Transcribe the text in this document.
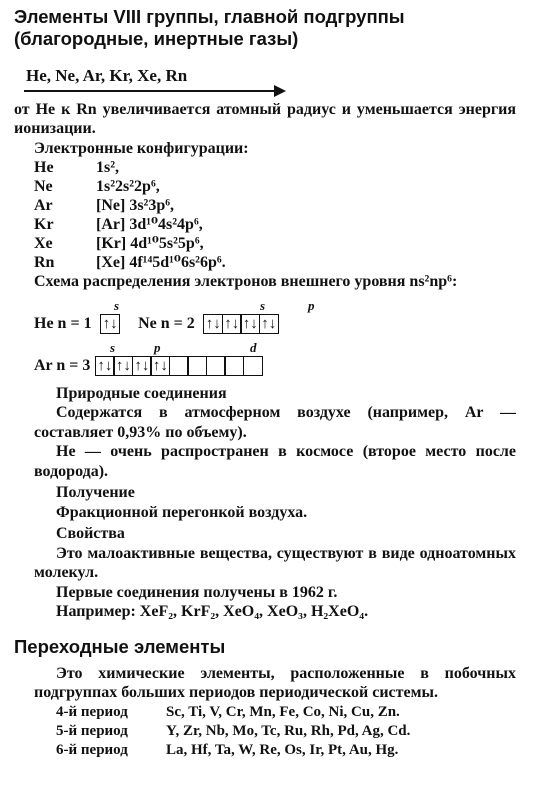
Элементы VIII группы, главной подгруппы (благородные, инертные газы)
He, Ne, Ar, Kr, Xe, Rn
от He к Rn увеличивается атомный радиус и уменьшается энергия ионизации.
Электронные конфигурации:
He	1s²,
Ne	1s²2s²2p⁶,
Ar	[Ne] 3s²3p⁶,
Kr	[Ar] 3d¹⁰4s²4p⁶,
Xe	[Kr] 4d¹⁰5s²5p⁶,
Rn	[Xe] 4f¹⁴5d¹⁰6s²6p⁶.
Схема распределения электронов внешнего уровня ns²np⁶:
s	s	p
He n = 1 ↑↓ Ne n = 2 ↑↓ ↑↓ ↑↓ ↑↓
s	p	d
Ar n = 3 ↑↓ ↑↓ ↑↓ ↑↓
Природные соединения
Содержатся в атмосферном воздухе (например, Ar — составляет 0,93% по объему).
He — очень распространен в космосе (второе место после водорода).
Получение
Фракционной перегонкой воздуха.
Свойства
Это малоактивные вещества, существуют в виде одноатомных молекул.
Первые соединения получены в 1962 г.
Например: XeF₂, KrF₂, XeO₄, XeO₃, H₂XeO₄.
Переходные элементы
Это химические элементы, расположенные в побочных подгруппах больших периодов периодической системы.
4-й период	Sc, Ti, V, Cr, Mn, Fe, Co, Ni, Cu, Zn.
5-й период	Y, Zr, Nb, Mo, Tc, Ru, Rh, Pd, Ag, Cd.
6-й период	La, Hf, Ta, W, Re, Os, Ir, Pt, Au, Hg.
